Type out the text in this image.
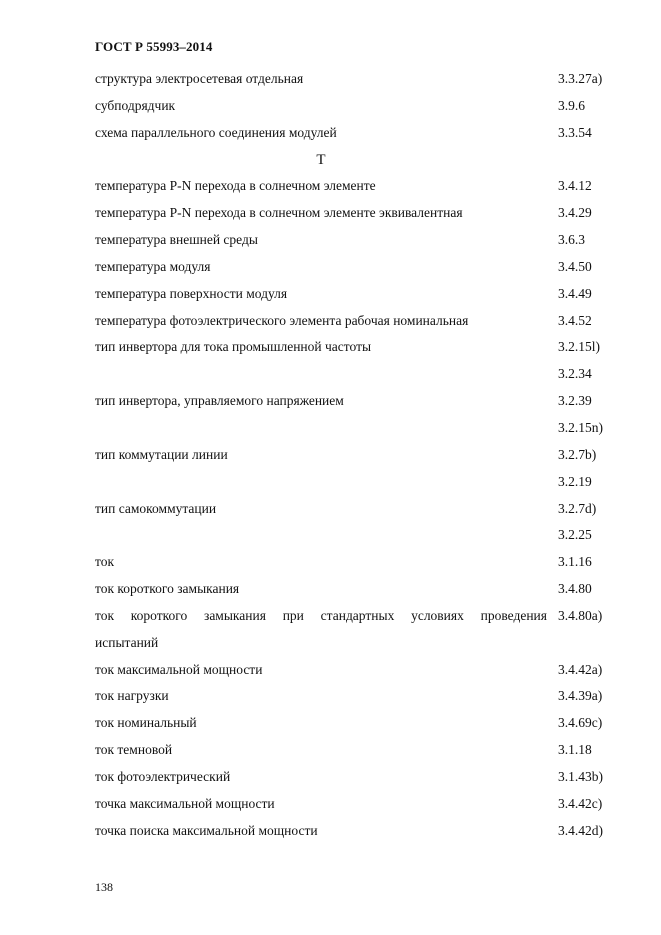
ГОСТ Р 55993–2014
структура электросетевая отдельная	3.3.27a)
субподрядчик	3.9.6
схема параллельного соединения модулей	3.3.54
Т
температура P-N перехода в солнечном элементе	3.4.12
температура P-N перехода в солнечном элементе эквивалентная	3.4.29
температура внешней среды	3.6.3
температура модуля	3.4.50
температура поверхности модуля	3.4.49
температура фотоэлектрического элемента рабочая номинальная	3.4.52
тип инвертора для тока промышленной частоты	3.2.15l)
3.2.34
тип инвертора, управляемого напряжением	3.2.39
3.2.15n)
тип коммутации линии	3.2.7b)
3.2.19
тип самокоммутации	3.2.7d)
3.2.25
ток	3.1.16
ток короткого замыкания	3.4.80
ток короткого замыкания при стандартных условиях проведения 3.4.80a)
испытаний
ток максимальной мощности	3.4.42a)
ток нагрузки	3.4.39a)
ток номинальный	3.4.69c)
ток темновой	3.1.18
ток фотоэлектрический	3.1.43b)
точка максимальной мощности	3.4.42c)
точка поиска максимальной мощности	3.4.42d)
138
